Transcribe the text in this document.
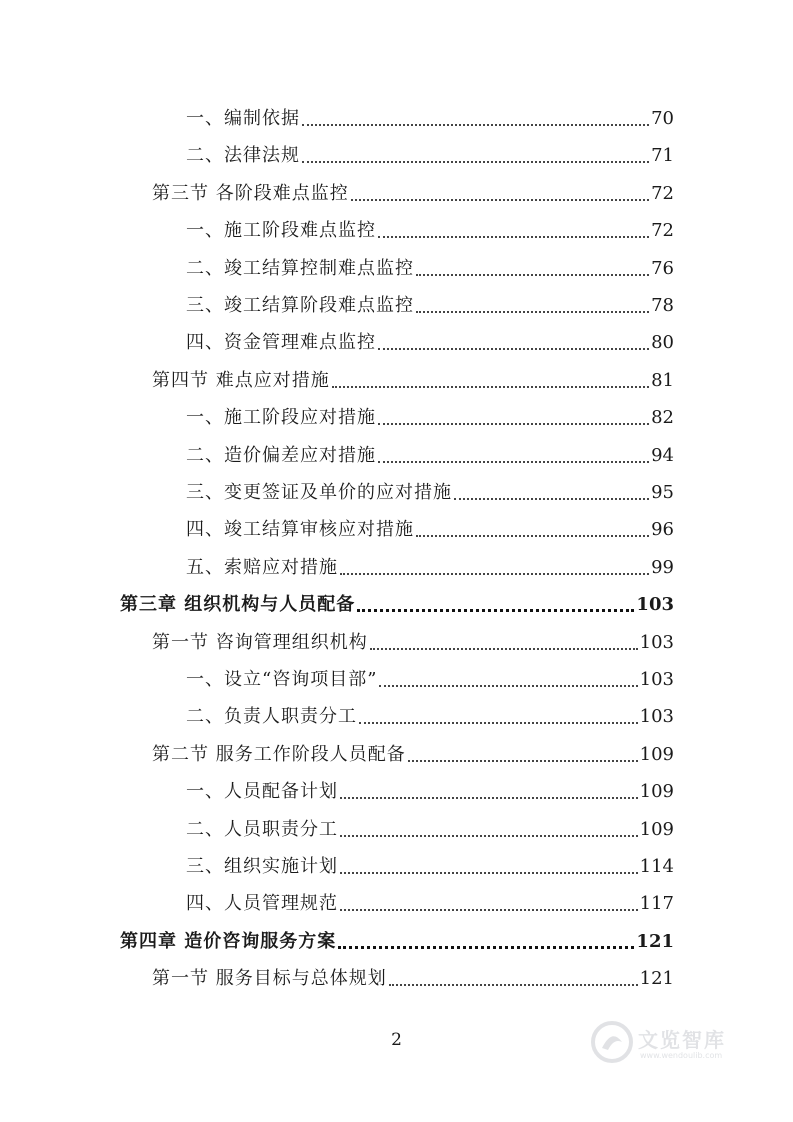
一、编制依据	70
二、法律法规	71
第三节 各阶段难点监控	72
一、施工阶段难点监控	72
二、竣工结算控制难点监控	76
三、竣工结算阶段难点监控	78
四、资金管理难点监控	80
第四节 难点应对措施	81
一、施工阶段应对措施	82
二、造价偏差应对措施	94
三、变更签证及单价的应对措施	95
四、竣工结算审核应对措施	96
五、索赔应对措施	99
第三章 组织机构与人员配备	103
第一节 咨询管理组织机构	103
一、设立“咨询项目部”	103
二、负责人职责分工	103
第二节 服务工作阶段人员配备	109
一、人员配备计划	109
二、人员职责分工	109
三、组织实施计划	114
四、人员管理规范	117
第四章 造价咨询服务方案	121
第一节 服务目标与总体规划	121
2	文览智库
www.wendoulib.com
